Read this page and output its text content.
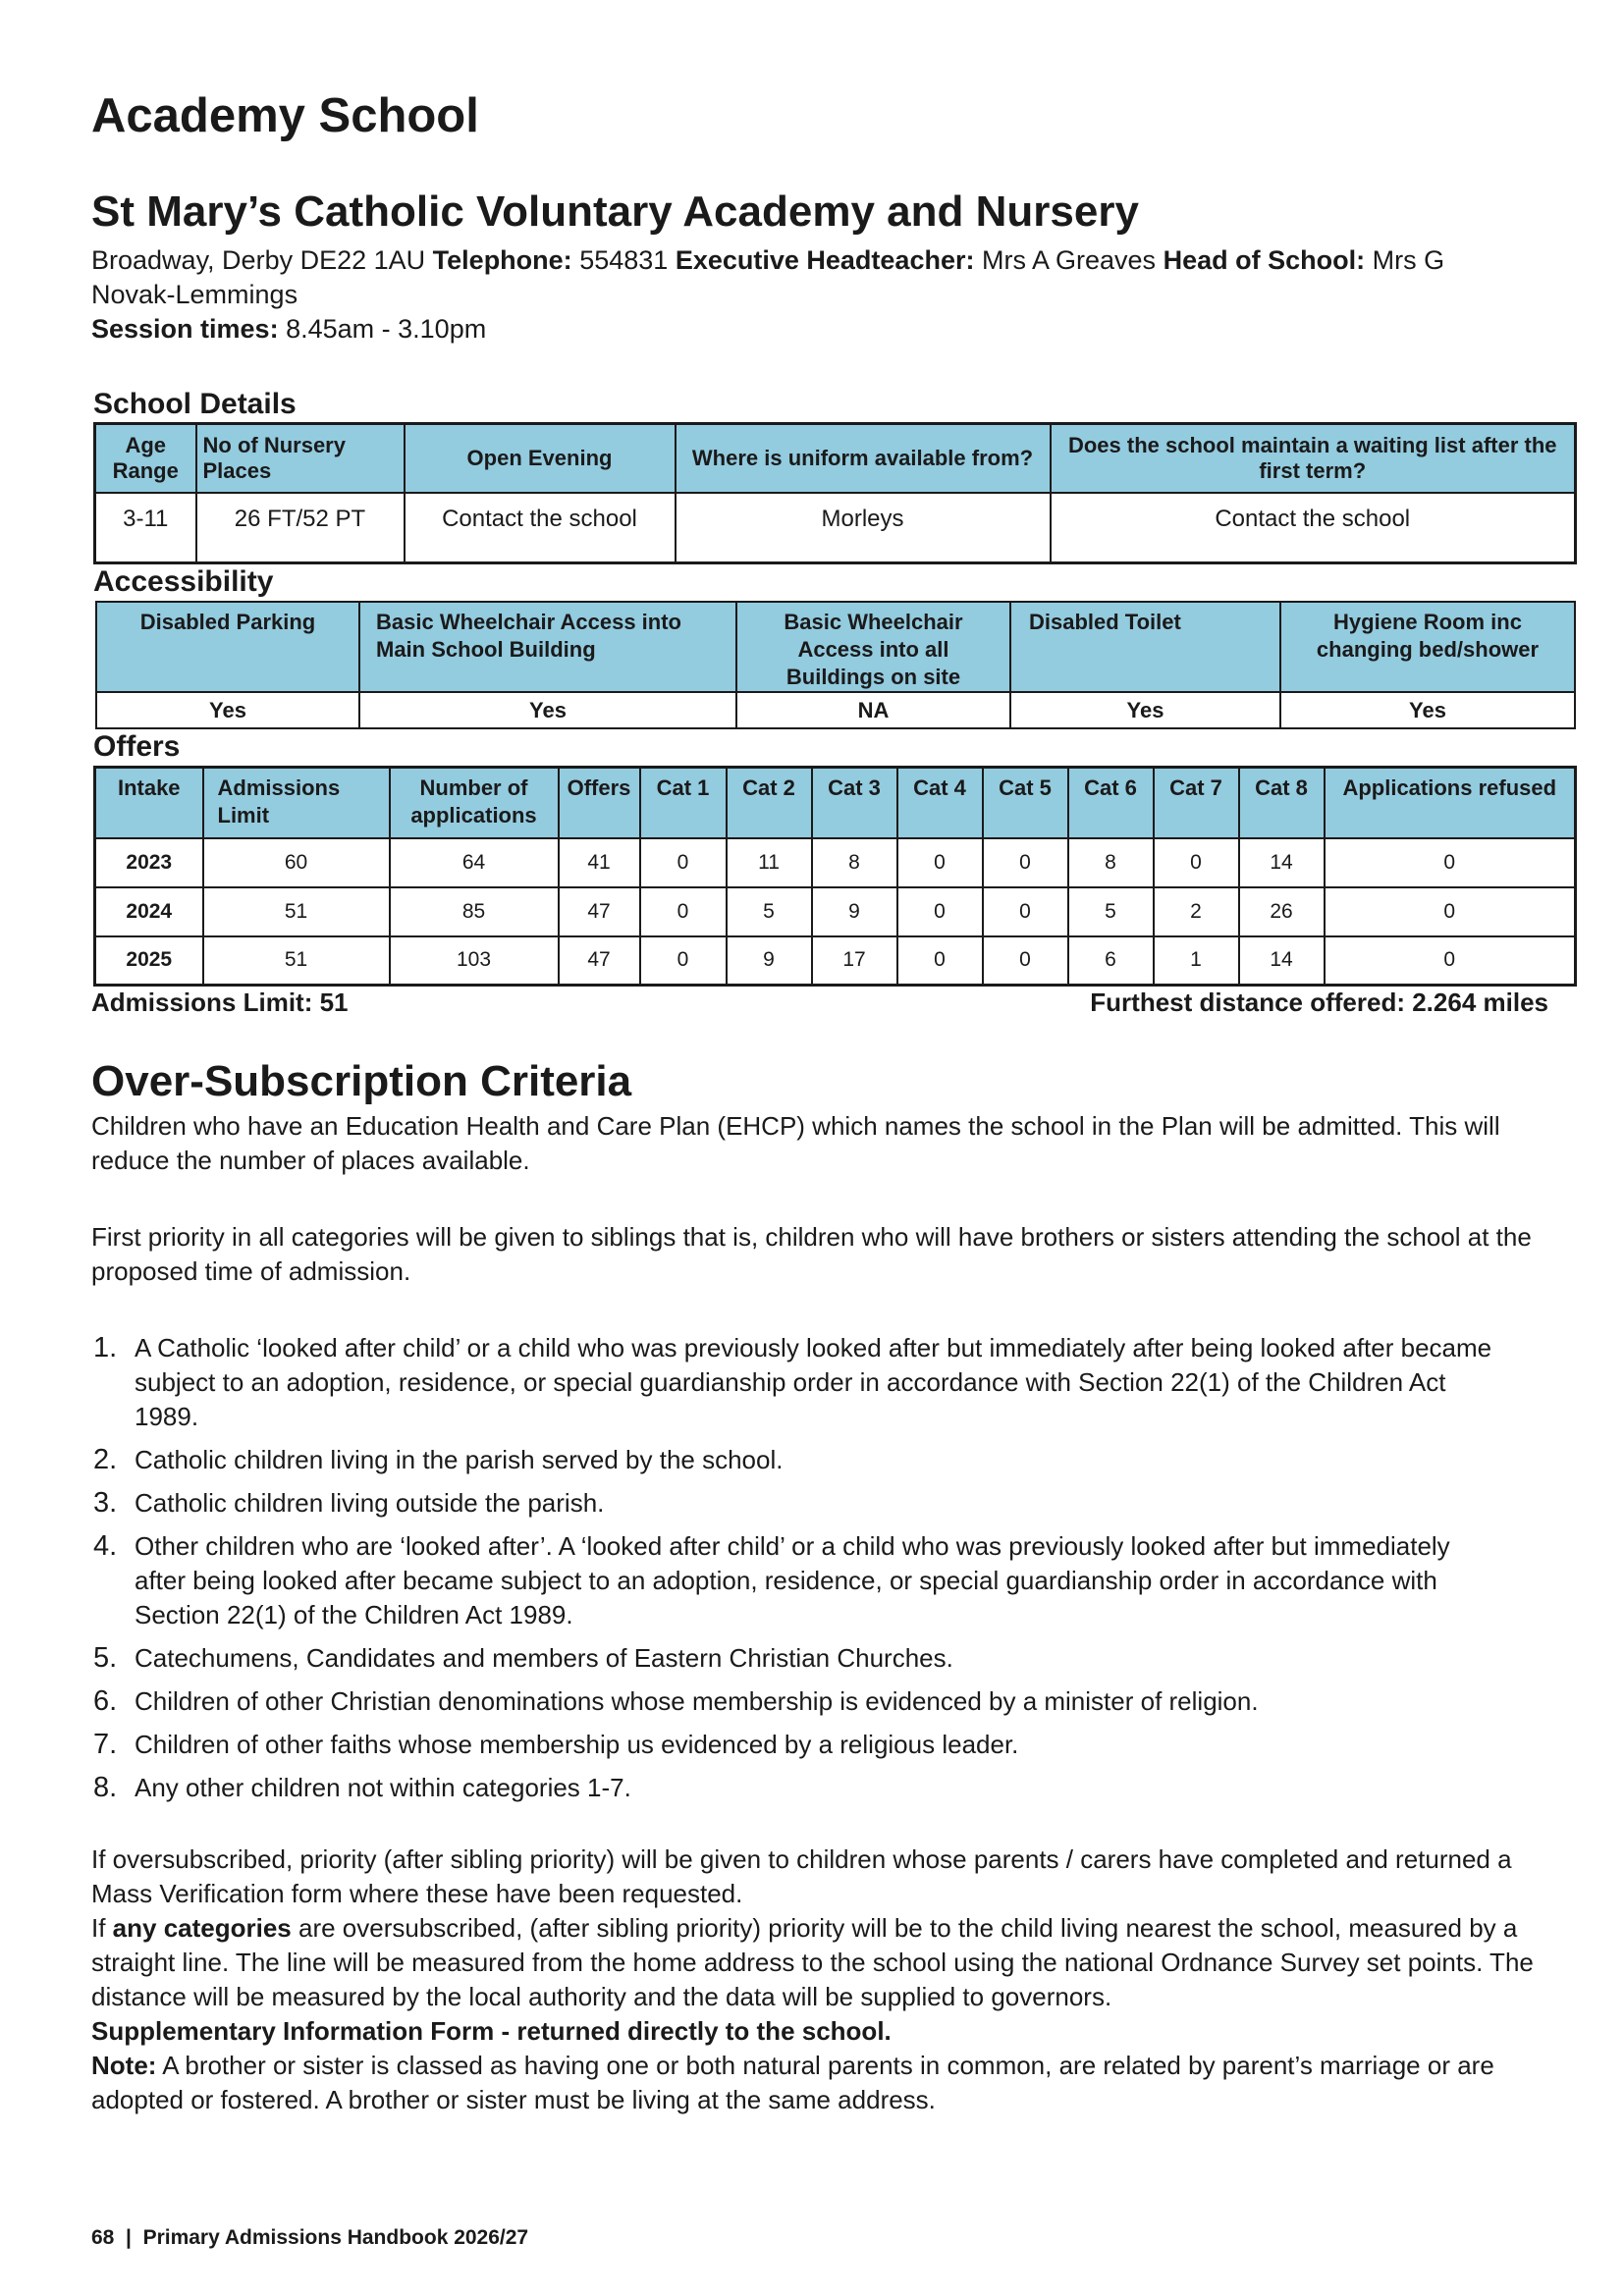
Academy School
St Mary’s Catholic Voluntary Academy and Nursery
Broadway, Derby DE22 1AU Telephone: 554831 Executive Headteacher: Mrs A Greaves Head of School: Mrs G Novak-Lemmings
Session times: 8.45am - 3.10pm
School Details
Age Range	No of Nursery Places	Open Evening	Where is uniform available from?	Does the school maintain a waiting list after the first term?
3-11	26 FT/52 PT	Contact the school	Morleys	Contact the school
Accessibility
Disabled Parking	Basic Wheelchair Access into Main School Building	Basic Wheelchair Access into all Buildings on site	Disabled Toilet	Hygiene Room inc changing bed/shower
Yes	Yes	NA	Yes	Yes
Offers
Intake	Admissions Limit	Number of applications	Offers	Cat 1	Cat 2	Cat 3	Cat 4	Cat 5	Cat 6	Cat 7	Cat 8	Applications refused
2023	60	64	41	0	11	8	0	0	8	0	14	0
2024	51	85	47	0	5	9	0	0	5	2	26	0
2025	51	103	47	0	9	17	0	0	6	1	14	0
Admissions Limit: 51	Furthest distance offered: 2.264 miles
Over-Subscription Criteria

Children who have an Education Health and Care Plan (EHCP) which names the school in the Plan will be admitted. This will reduce the number of places available.

First priority in all categories will be given to siblings that is, children who will have brothers or sisters attending the school at the proposed time of admission.

1. A Catholic ‘looked after child’ or a child who was previously looked after but immediately after being looked after became subject to an adoption, residence, or special guardianship order in accordance with Section 22(1) of the Children Act 1989.
2. Catholic children living in the parish served by the school.
3. Catholic children living outside the parish.
4. Other children who are ‘looked after’. A ‘looked after child’ or a child who was previously looked after but immediately after being looked after became subject to an adoption, residence, or special guardianship order in accordance with Section 22(1) of the Children Act 1989.
5. Catechumens, Candidates and members of Eastern Christian Churches.
6. Children of other Christian denominations whose membership is evidenced by a minister of religion.
7. Children of other faiths whose membership us evidenced by a religious leader.
8. Any other children not within categories 1-7.
If oversubscribed, priority (after sibling priority) will be given to children whose parents / carers have completed and returned a Mass Verification form where these have been requested.
If any categories are oversubscribed, (after sibling priority) priority will be to the child living nearest the school, measured by a straight line. The line will be measured from the home address to the school using the national Ordnance Survey set points. The distance will be measured by the local authority and the data will be supplied to governors.
Supplementary Information Form - returned directly to the school.
Note: A brother or sister is classed as having one or both natural parents in common, are related by parent’s marriage or are adopted or fostered. A brother or sister must be living at the same address.
68  |  Primary Admissions Handbook 2026/27
